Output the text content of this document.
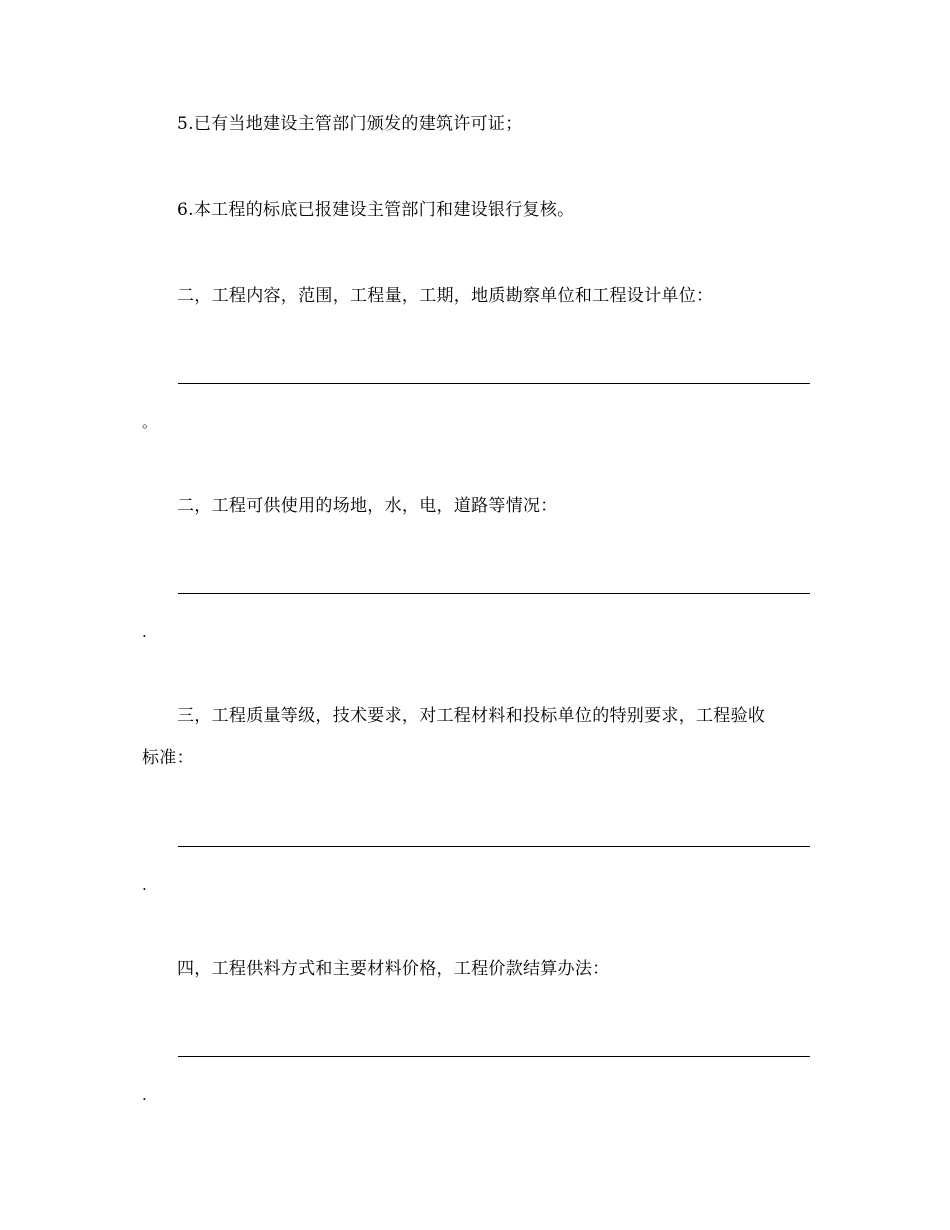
5.已有当地建设主管部门颁发的建筑许可证；
6.本工程的标底已报建设主管部门和建设银行复核。
二，工程内容，范围，工程量，工期，地质勘察单位和工程设计单位：
。
二，工程可供使用的场地，水，电，道路等情况：
.
三，工程质量等级，技术要求，对工程材料和投标单位的特别要求，工程验收
标准：
.
四，工程供料方式和主要材料价格，工程价款结算办法：
.
